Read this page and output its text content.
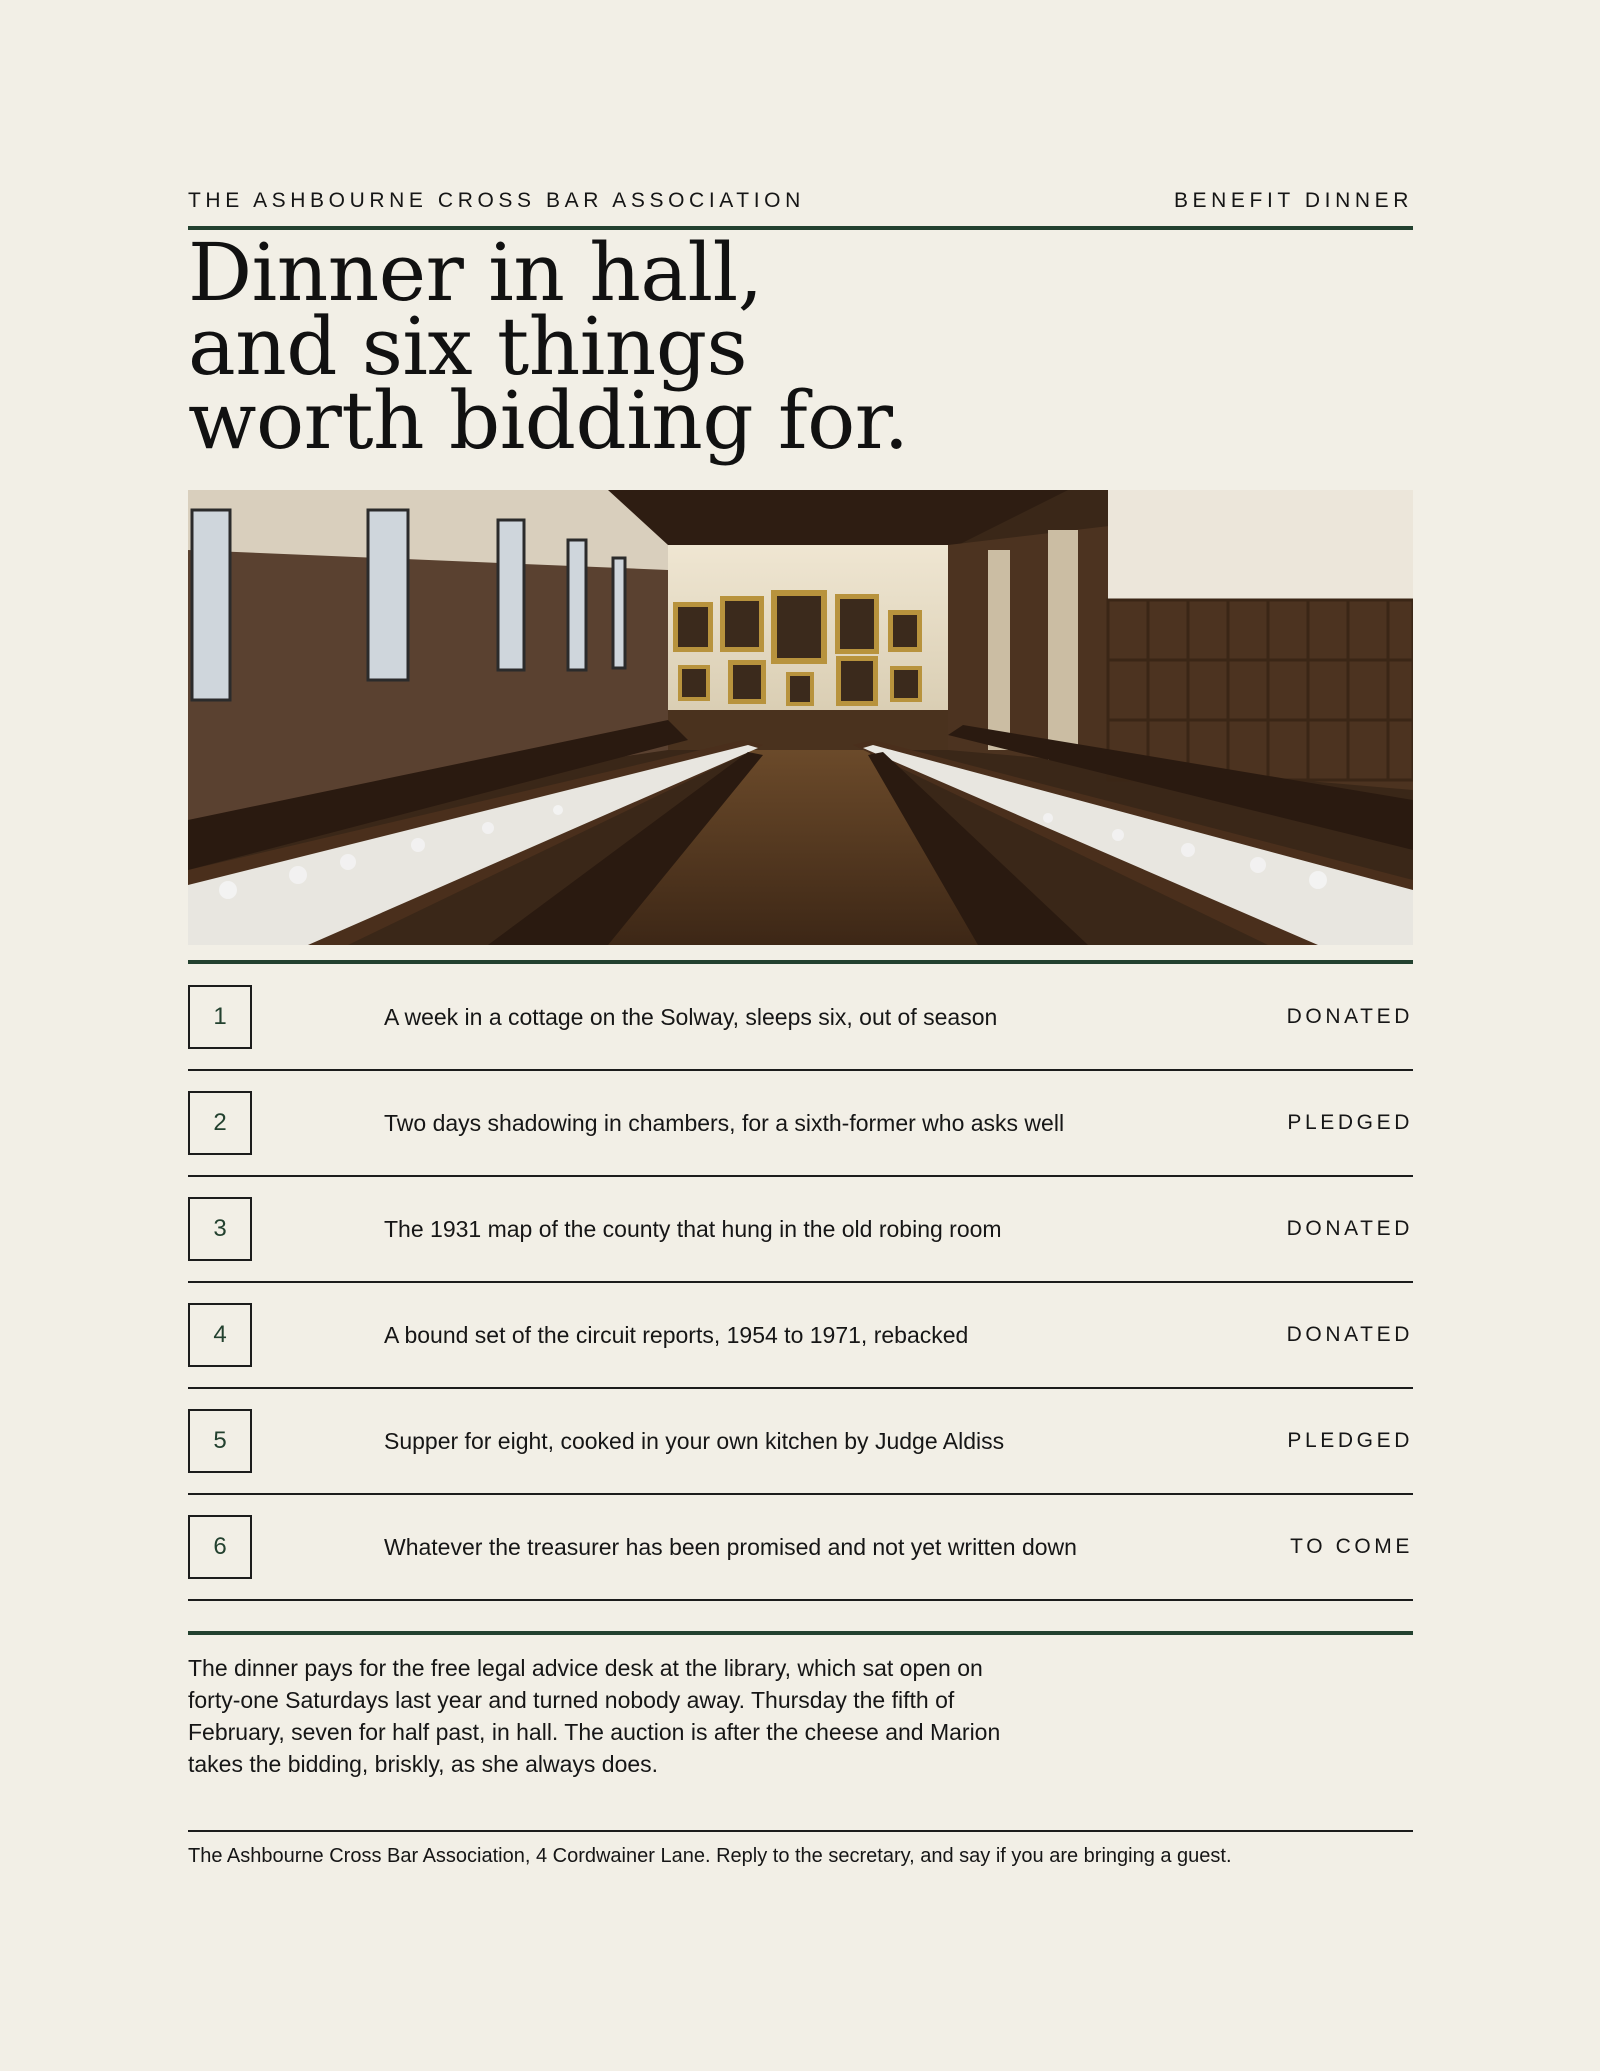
THE ASHBOURNE CROSS BAR ASSOCIATION	BENEFIT DINNER
Dinner in hall,
and six things
worth bidding for.
1	A week in a cottage on the Solway, sleeps six, out of season	DONATED
2	Two days shadowing in chambers, for a sixth-former who asks well	PLEDGED
3	The 1931 map of the county that hung in the old robing room	DONATED
4	A bound set of the circuit reports, 1954 to 1971, rebacked	DONATED
5	Supper for eight, cooked in your own kitchen by Judge Aldiss	PLEDGED
6	Whatever the treasurer has been promised and not yet written down	TO COME

The dinner pays for the free legal advice desk at the library, which sat open on forty-one Saturdays last year and turned nobody away. Thursday the fifth of February, seven for half past, in hall. The auction is after the cheese and Marion takes the bidding, briskly, as she always does.

The Ashbourne Cross Bar Association, 4 Cordwainer Lane. Reply to the secretary, and say if you are bringing a guest.
